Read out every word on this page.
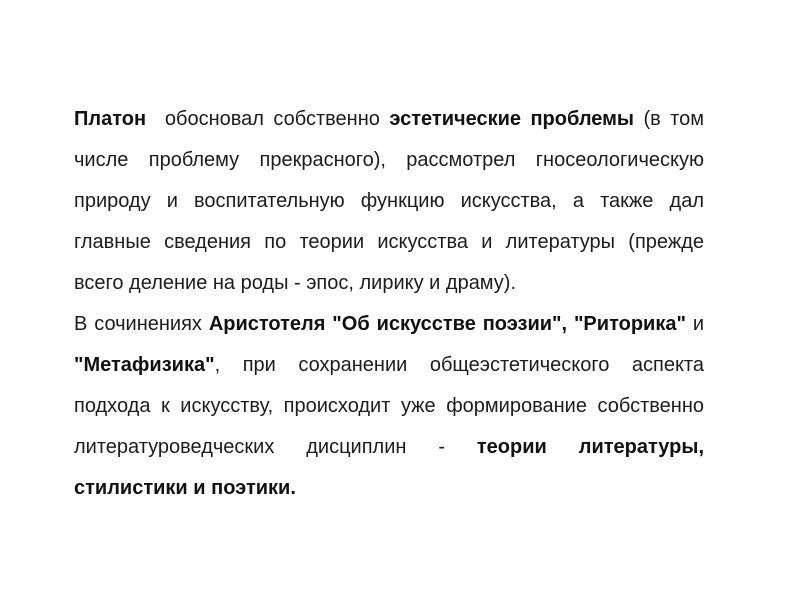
Платон  обосновал собственно эстетические проблемы (в том числе проблему прекрасного), рассмотрел гносеологическую природу и воспитательную функцию искусства, а также дал главные сведения по теории искусства и литературы (прежде всего деление на роды - эпос, лирику и драму).

В сочинениях Аристотеля "Об искусстве поэзии", "Риторика" и "Метафизика", при сохранении общеэстетического аспекта подхода к искусству, происходит уже формирование собственно литературоведческих дисциплин - теории литературы, стилистики и поэтики.
